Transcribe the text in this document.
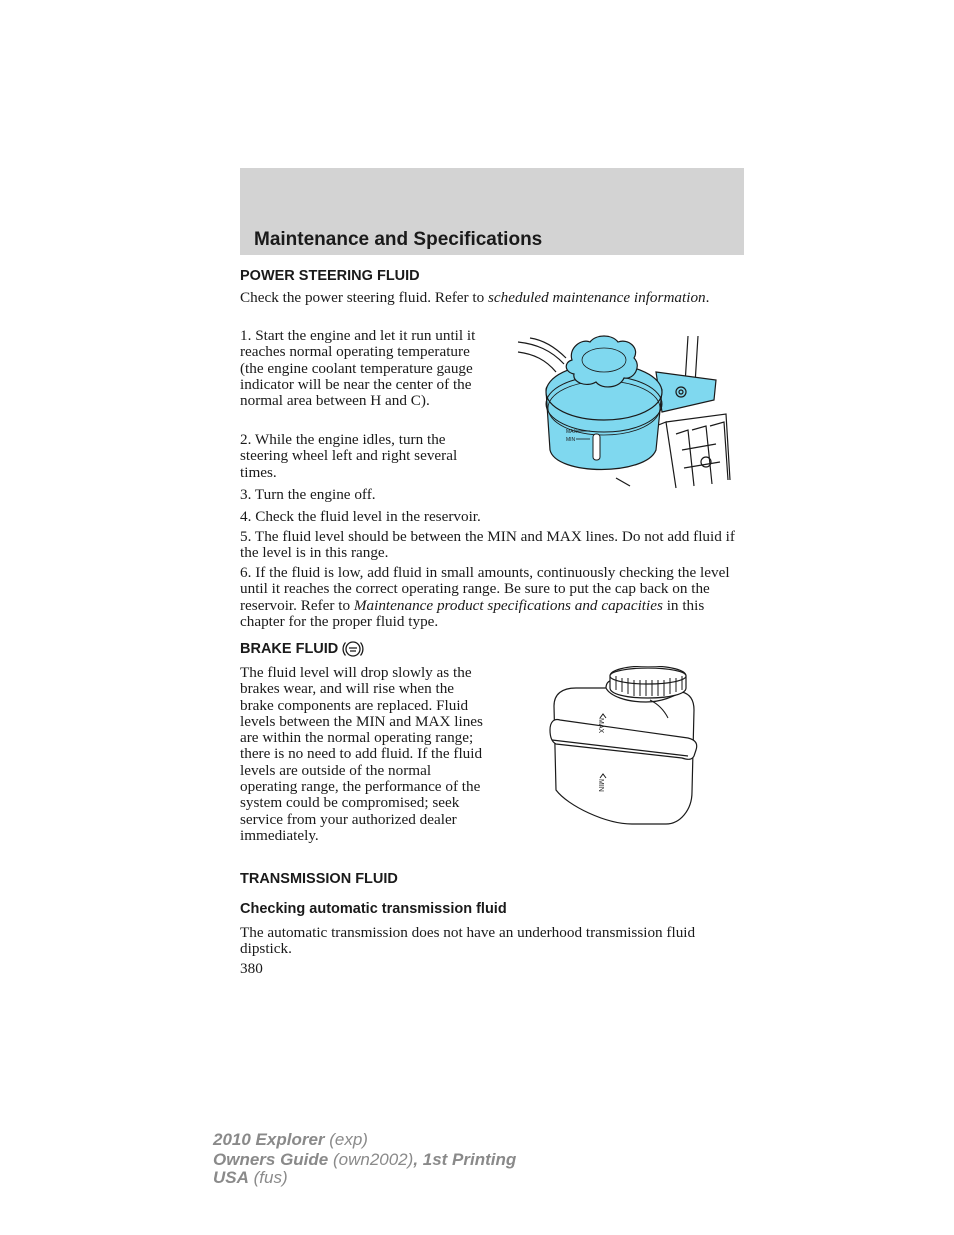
Maintenance and Specifications
POWER STEERING FLUID

Check the power steering fluid. Refer to scheduled maintenance information.

1. Start the engine and let it run until it reaches normal operating temperature (the engine coolant temperature gauge indicator will be near the center of the normal area between H and C).

2. While the engine idles, turn the steering wheel left and right several times.

3. Turn the engine off.

4. Check the fluid level in the reservoir.

5. The fluid level should be between the MIN and MAX lines. Do not add fluid if the level is in this range.

6. If the fluid is low, add fluid in small amounts, continuously checking the level until it reaches the correct operating range. Be sure to put the cap back on the reservoir. Refer to Maintenance product specifications and capacities in this chapter for the proper fluid type.

MAX
MIN
BRAKE FLUID

The fluid level will drop slowly as the brakes wear, and will rise when the brake components are replaced. Fluid levels between the MIN and MAX lines are within the normal operating range; there is no need to add fluid. If the fluid levels are outside of the normal operating range, the performance of the system could be compromised; seek service from your authorized dealer immediately.

MAX
MIN
TRANSMISSION FLUID
Checking automatic transmission fluid

The automatic transmission does not have an underhood transmission fluid dipstick.

380

2010 Explorer (exp)
Owners Guide (own2002), 1st Printing
USA (fus)
